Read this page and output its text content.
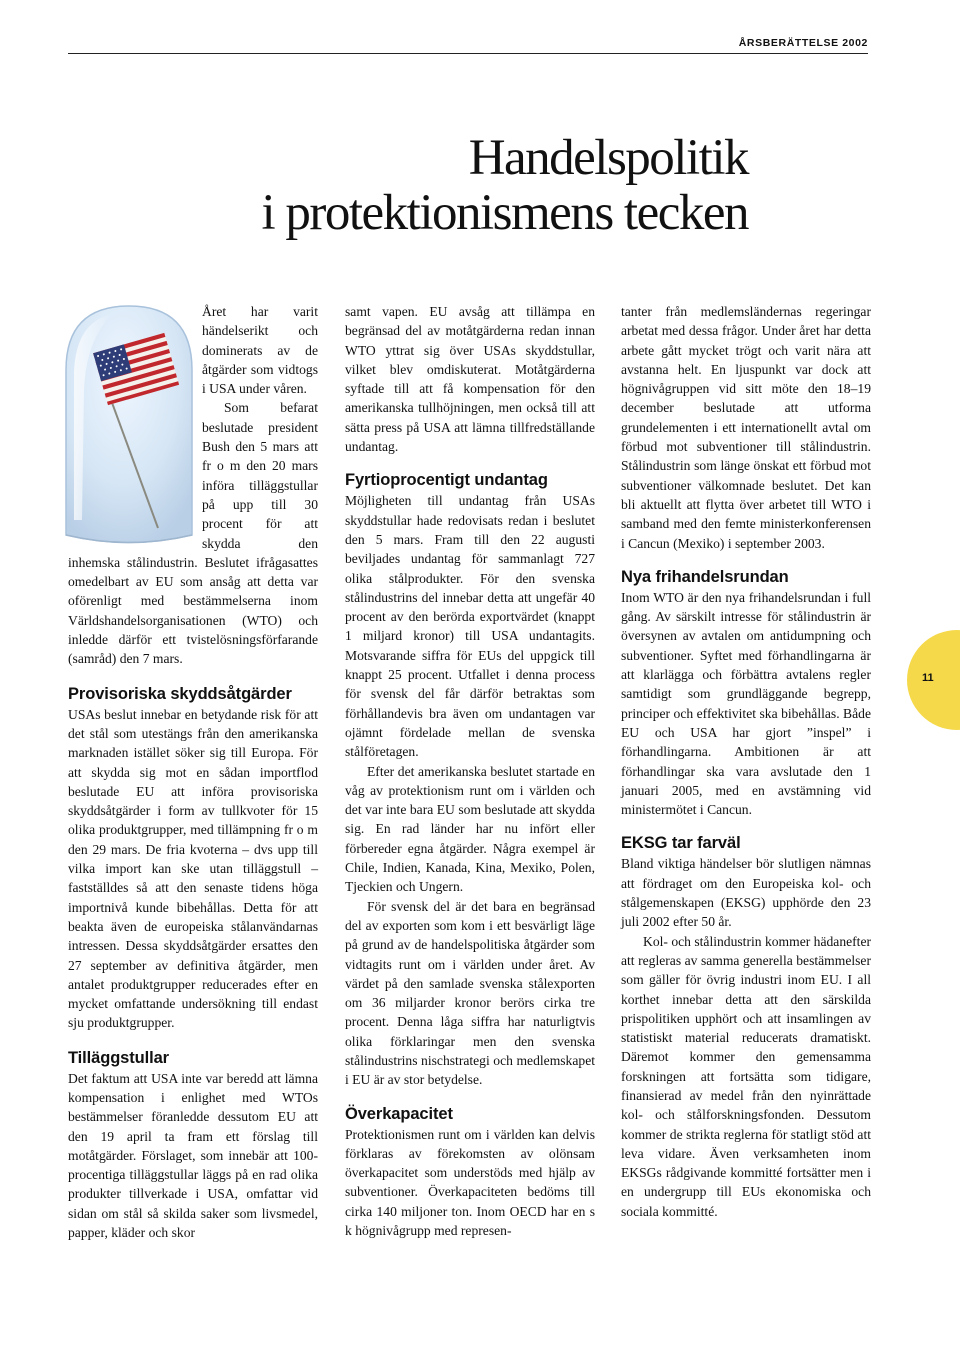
ÅRSBERÄTTELSE 2002
Handelspolitik
i protektionismens tecken

Året har varit händelserikt och dominerats av de åtgärder som vidtogs i USA under våren.

Som befarat beslutade president Bush den 5 mars att fr o m den 20 mars införa tilläggstullar på upp till 30 procent för att skydda den inhemska stålindustrin. Beslutet ifrågasattes omedelbart av EU som ansåg att detta var oförenligt med bestämmelserna inom Världshandelsorganisationen (WTO) och inledde därför ett tvistelösningsförfarande (samråd) den 7 mars.

Provisoriska skyddsåtgärder

USAs beslut innebar en betydande risk för att det stål som utestängs från den amerikanska marknaden istället söker sig till Europa. För att skydda sig mot en sådan importflod beslutade EU att införa provisoriska skyddsåtgärder i form av tullkvoter för 15 olika produktgrupper, med tillämpning fr o m den 29 mars. De fria kvoterna – dvs upp till vilka import kan ske utan tilläggstull – fastställdes så att den senaste tidens höga importnivå kunde bibehållas. Detta för att beakta även de europeiska stålanvändarnas intressen. Dessa skyddsåtgärder ersattes den 27 september av definitiva åtgärder, men antalet produktgrupper reducerades efter en mycket omfattande undersökning till endast sju produktgrupper.

Tilläggstullar

Det faktum att USA inte var beredd att lämna kompensation i enlighet med WTOs bestämmelser föranledde dessutom EU att den 19 april ta fram ett förslag till motåtgärder. Förslaget, som innebär att 100-procentiga tilläggstullar läggs på en rad olika produkter tillverkade i USA, omfattar vid sidan om stål så skilda saker som livsmedel, papper, kläder och skor

samt vapen. EU avsåg att tillämpa en begränsad del av motåtgärderna redan innan WTO yttrat sig över USAs skyddstullar, vilket blev omdiskuterat. Motåtgärderna syftade till att få kompensation för den amerikanska tullhöjningen, men också till att sätta press på USA att lämna tillfredställande undantag.

Fyrtioprocentigt undantag

Möjligheten till undantag från USAs skyddstullar hade redovisats redan i beslutet den 5 mars. Fram till den 22 augusti beviljades undantag för sammanlagt 727 olika stålprodukter. För den svenska stålindustrins del innebar detta att ungefär 40 procent av den berörda exportvärdet (knappt 1 miljard kronor) till USA undantagits. Motsvarande siffra för EUs del uppgick till knappt 25 procent. Utfallet i denna process för svensk del får därför betraktas som förhållandevis bra även om undantagen var ojämnt fördelade mellan de svenska stålföretagen.

Efter det amerikanska beslutet startade en våg av protektionism runt om i världen och det var inte bara EU som beslutade att skydda sig. En rad länder har nu infört eller förbereder egna åtgärder. Några exempel är Chile, Indien, Kanada, Kina, Mexiko, Polen, Tjeckien och Ungern.

För svensk del är det bara en begränsad del av exporten som kom i ett besvärligt läge på grund av de handelspolitiska åtgärder som vidtagits runt om i världen under året. Av värdet på den samlade svenska stålexporten om 36 miljarder kronor berörs cirka tre procent. Denna låga siffra har naturligtvis olika förklaringar men den svenska stålindustrins nischstrategi och medlemskapet i EU är av stor betydelse.

Överkapacitet

Protektionismen runt om i världen kan delvis förklaras av förekomsten av olönsam överkapacitet som understöds med hjälp av subventioner. Överkapaciteten bedöms till cirka 140 miljoner ton. Inom OECD har en s k högnivågrupp med represen-

tanter från medlemsländernas regeringar arbetat med dessa frågor. Under året har detta arbete gått mycket trögt och varit nära att avstanna helt. En ljuspunkt var dock att högnivågruppen vid sitt möte den 18–19 december beslutade att utforma grundelementen i ett internationellt avtal om förbud mot subventioner till stålindustrin. Stålindustrin som länge önskat ett förbud mot subventioner välkomnade beslutet. Det kan bli aktuellt att flytta över arbetet till WTO i samband med den femte ministerkonferensen i Cancun (Mexiko) i september 2003.

Nya frihandelsrundan

Inom WTO är den nya frihandelsrundan i full gång. Av särskilt intresse för stålindustrin är översynen av avtalen om antidumpning och subventioner. Syftet med förhandlingarna är att klarlägga och förbättra avtalens regler samtidigt som grundläggande begrepp, principer och effektivitet ska bibehållas. Både EU och USA har gjort ”inspel” i förhandlingarna. Ambitionen är att förhandlingar ska vara avslutade den 1 januari 2005, med en avstämning vid ministermötet i Cancun.

EKSG tar farväl

Bland viktiga händelser bör slutligen nämnas att fördraget om den Europeiska kol- och stålgemenskapen (EKSG) upphörde den 23 juli 2002 efter 50 år.

Kol- och stålindustrin kommer hädanefter att regleras av samma generella bestämmelser som gäller för övrig industri inom EU. I all korthet innebar detta att den särskilda prispolitiken upphört och att insamlingen av statistiskt material reducerats dramatiskt. Däremot kommer den gemensamma forskningen att fortsätta som tidigare, finansierad av medel från den nyinrättade kol- och stålforskningsfonden. Dessutom kommer de strikta reglerna för statligt stöd att leva vidare. Även verksamheten inom EKSGs rådgivande kommitté fortsätter men i en undergrupp till EUs ekonomiska och sociala kommitté.

11
